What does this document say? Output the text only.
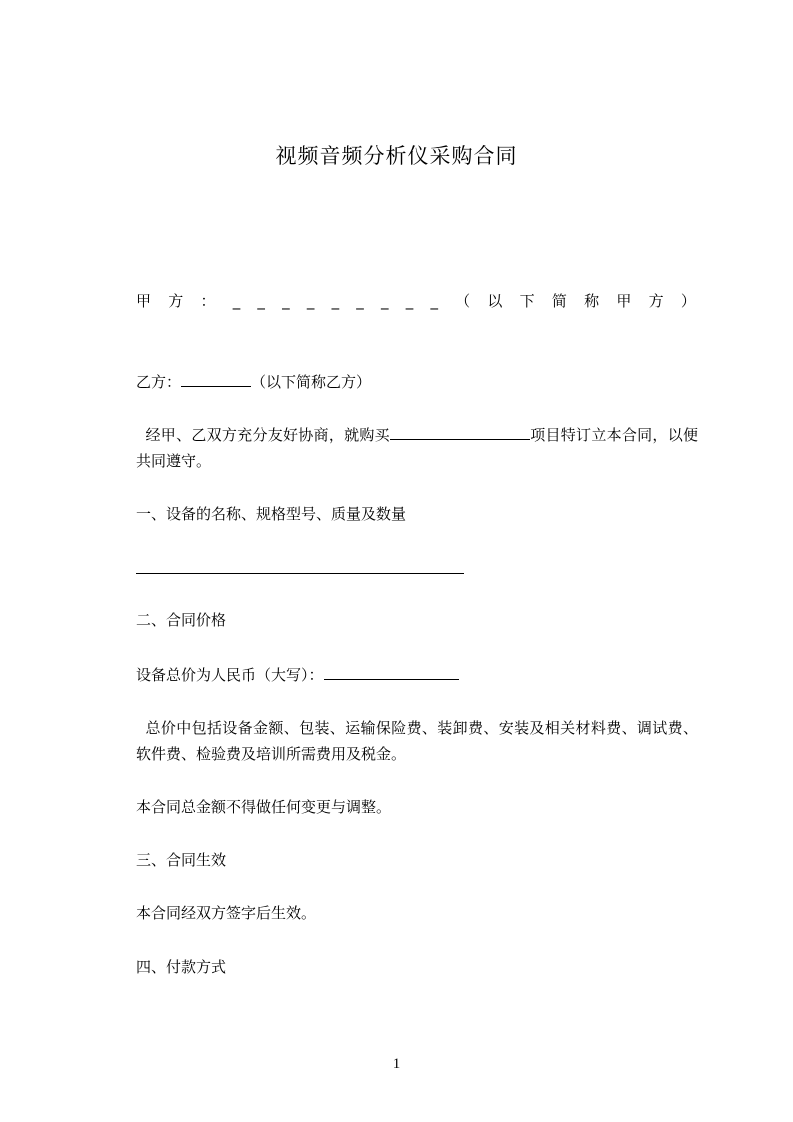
视频音频分析仪采购合同
甲 方 ： _ _ _ _ _ _ _ _ _ （ 以 下 简 称 甲 方 ）
乙方：	（以下简称乙方）
经甲、乙双方充分友好协商，就购买	项目特订立本合同，以便共同遵守。
一、设备的名称、规格型号、质量及数量
二、合同价格
设备总价为人民币（大写）：
总价中包括设备金额、包装、运输保险费、装卸费、安装及相关材料费、调试费、软件费、检验费及培训所需费用及税金。
本合同总金额不得做任何变更与调整。
三、合同生效
本合同经双方签字后生效。
四、付款方式
1
